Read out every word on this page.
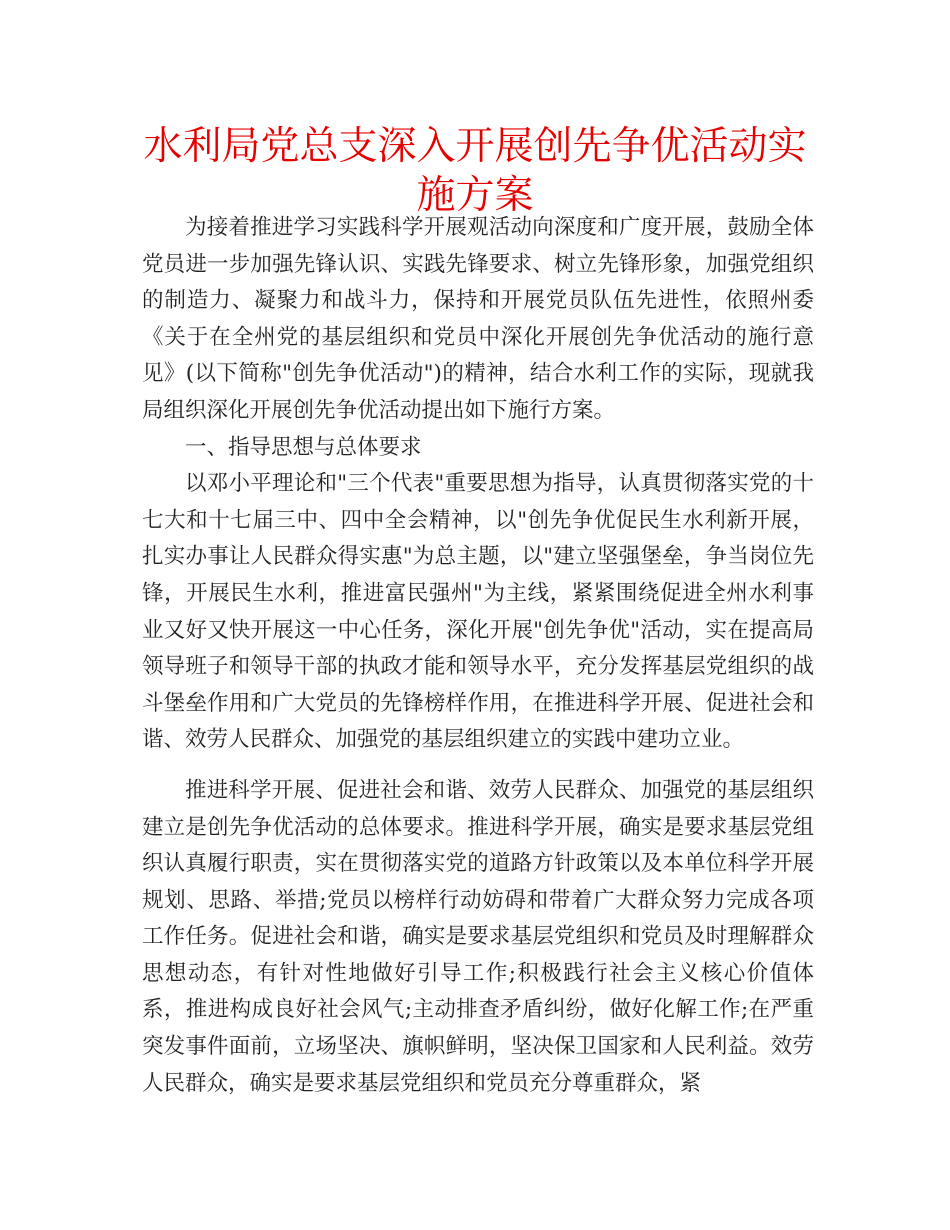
水利局党总支深入开展创先争优活动实施方案

为接着推进学习实践科学开展观活动向深度和广度开展，鼓励全体党员进一步加强先锋认识、实践先锋要求、树立先锋形象，加强党组织的制造力、凝聚力和战斗力，保持和开展党员队伍先进性，依照州委《关于在全州党的基层组织和党员中深化开展创先争优活动的施行意见》(以下简称"创先争优活动")的精神，结合水利工作的实际，现就我局组织深化开展创先争优活动提出如下施行方案。

一、指导思想与总体要求

以邓小平理论和"三个代表"重要思想为指导，认真贯彻落实党的十七大和十七届三中、四中全会精神，以"创先争优促民生水利新开展，扎实办事让人民群众得实惠"为总主题，以"建立坚强堡垒，争当岗位先锋，开展民生水利，推进富民强州"为主线，紧紧围绕促进全州水利事业又好又快开展这一中心任务，深化开展"创先争优"活动，实在提高局领导班子和领导干部的执政才能和领导水平，充分发挥基层党组织的战斗堡垒作用和广大党员的先锋榜样作用，在推进科学开展、促进社会和谐、效劳人民群众、加强党的基层组织建立的实践中建功立业。

推进科学开展、促进社会和谐、效劳人民群众、加强党的基层组织建立是创先争优活动的总体要求。推进科学开展，确实是要求基层党组织认真履行职责，实在贯彻落实党的道路方针政策以及本单位科学开展规划、思路、举措;党员以榜样行动妨碍和带着广大群众努力完成各项工作任务。促进社会和谐，确实是要求基层党组织和党员及时理解群众思想动态，有针对性地做好引导工作;积极践行社会主义核心价值体系，推进构成良好社会风气;主动排查矛盾纠纷，做好化解工作;在严重突发事件面前，立场坚决、旗帜鲜明，坚决保卫国家和人民利益。效劳人民群众，确实是要求基层党组织和党员充分尊重群众，紧
